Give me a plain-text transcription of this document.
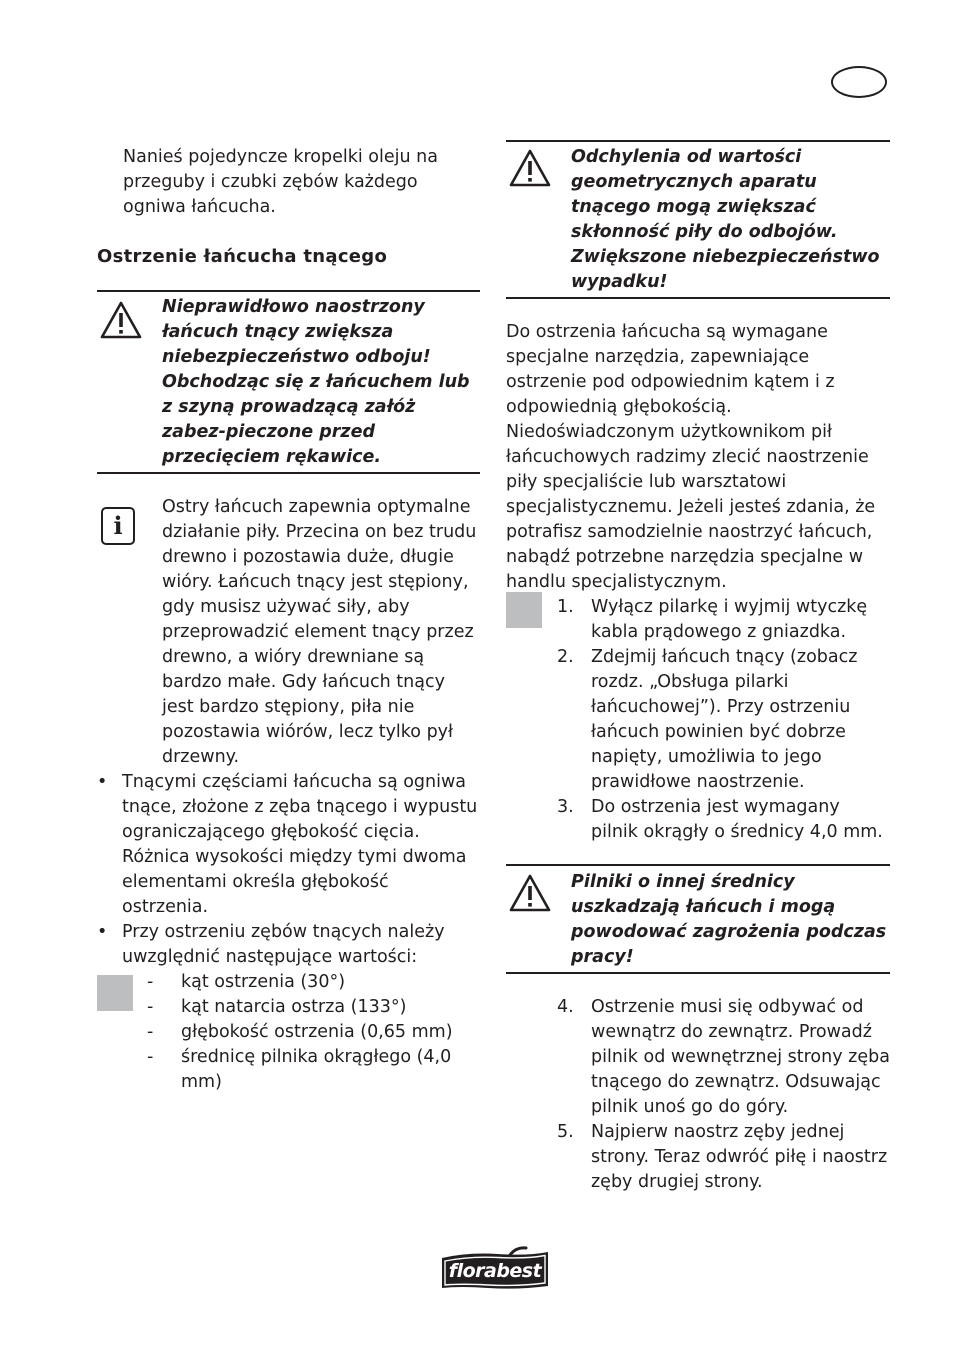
Nanieś pojedyncze kropelki oleju na przeguby i czubki zębów każdego ogniwa łańcucha.

Ostrzenie łańcucha tnącego
Nieprawidłowo naostrzony łańcuch tnący zwiększa niebezpieczeństwo odboju! Obchodząc się z łańcuchem lub z szyną prowadzącą załóż zabez-pieczone przed przecięciem rękawice.
i

Ostry łańcuch zapewnia optymalne działanie piły. Przecina on bez trudu drewno i pozostawia duże, długie wióry. Łańcuch tnący jest stępiony, gdy musisz używać siły, aby przeprowadzić element tnący przez drewno, a wióry drewniane są bardzo małe. Gdy łańcuch tnący jest bardzo stępiony, piła nie pozostawia wiórów, lecz tylko pył drzewny.

• Tnącymi częściami łańcucha są ogniwa tnące, złożone z zęba tnącego i wypustu ograniczającego głębokość cięcia. Różnica wysokości między tymi dwoma elementami określa głębokość ostrzenia.
• Przy ostrzeniu zębów tnących należy uwzględnić następujące wartości:
- kąt ostrzenia (30°)
- kąt natarcia ostrza (133°)
- głębokość ostrzenia (0,65 mm)
- średnicę pilnika okrągłego (4,0 mm)
Odchylenia od wartości geometrycznych aparatu tnącego mogą zwiększać skłonność piły do odbojów. Zwiększone niebezpieczeństwo wypadku!

Do ostrzenia łańcucha są wymagane specjalne narzędzia, zapewniające ostrzenie pod odpowiednim kątem i z odpowiednią głębokością. Niedoświadczonym użytkownikom pił łańcuchowych radzimy zlecić naostrzenie piły specjaliście lub warsztatowi specjalistycznemu. Jeżeli jesteś zdania, że potrafisz samodzielnie naostrzyć łańcuch, nabądź potrzebne narzędzia specjalne w handlu specjalistycznym.

1. Wyłącz pilarkę i wyjmij wtyczkę kabla prądowego z gniazdka.
2. Zdejmij łańcuch tnący (zobacz rozdz. „Obsługa pilarki łańcuchowej”). Przy ostrzeniu łańcuch powinien być dobrze napięty, umożliwia to jego prawidłowe naostrzenie.
3. Do ostrzenia jest wymagany pilnik okrągły o średnicy 4,0 mm.
Pilniki o innej średnicy uszkadzają łańcuch i mogą powodować zagrożenia podczas pracy!
4. Ostrzenie musi się odbywać od wewnątrz do zewnątrz. Prowadź pilnik od wewnętrznej strony zęba tnącego do zewnątrz. Odsuwając pilnik unoś go do góry.
5. Najpierw naostrz zęby jednej strony. Teraz odwróć piłę i naostrz zęby drugiej strony.
florabest
